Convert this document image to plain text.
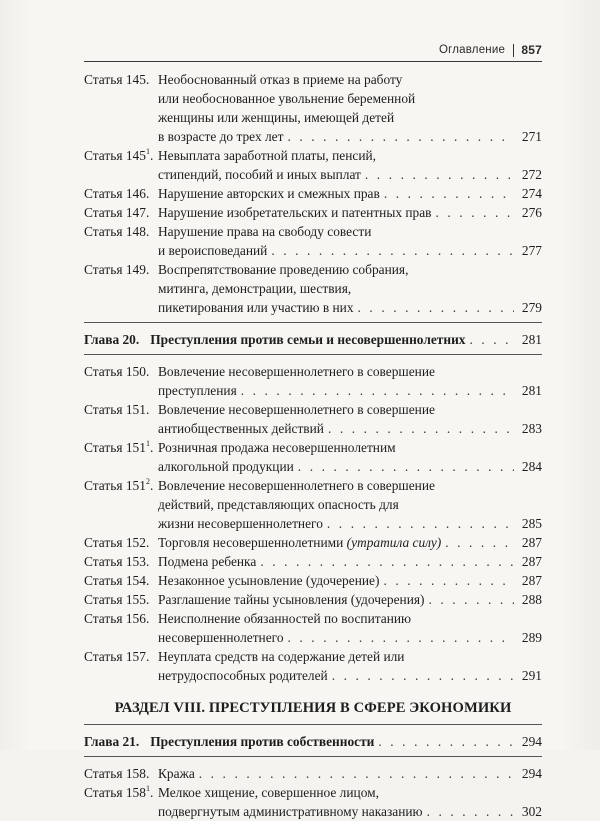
Оглавление 857
Статья 145. Необоснованный отказ в приеме на работу
или необоснованное увольнение беременной
женщины или женщины, имеющей детей
в возрасте до трех лет . . .	271
Статья $145^1$. Невыплата заработной платы, пенсий,
стипендий, пособий и иных выплат . . .	272
Статья 146. Нарушение авторских и смежных прав . . .	274
Статья 147. Нарушение изобретательских и патентных прав . . .	276
Статья 148. Нарушение права на свободу совести
и вероисповеданий . . .	277
Статья 149. Воспрепятствование проведению собрания,
митинга, демонстрации, шествия,
пикетирования или участию в них . . .	279
Глава 20. Преступления против семьи и несовершеннолетних . . .	281
Статья 150. Вовлечение несовершеннолетнего в совершение
преступления . . .	281
Статья 151. Вовлечение несовершеннолетнего в совершение
антиобщественных действий . . .	283
Статья $151^1$. Розничная продажа несовершеннолетним
алкогольной продукции . . .	284
Статья $151^2$. Вовлечение несовершеннолетнего в совершение
действий, представляющих опасность для
жизни несовершеннолетнего . . .	285
Статья 152. Торговля несовершеннолетними (утратила силу) . . .	287
Статья 153. Подмена ребенка . . .	287
Статья 154. Незаконное усыновление (удочерение) . . .	287
Статья 155. Разглашение тайны усыновления (удочерения) . . .	288
Статья 156. Неисполнение обязанностей по воспитанию
несовершеннолетнего . . .	289
Статья 157. Неуплата средств на содержание детей или
нетрудоспособных родителей . . .	291
РАЗДЕЛ VIII. ПРЕСТУПЛЕНИЯ В СФЕРЕ ЭКОНОМИКИ
Глава 21. Преступления против собственности . . .	294
Статья 158. Кража . . .	294
Статья $158^1$. Мелкое хищение, совершенное лицом,
подвергнутым административному наказанию . . .	302
